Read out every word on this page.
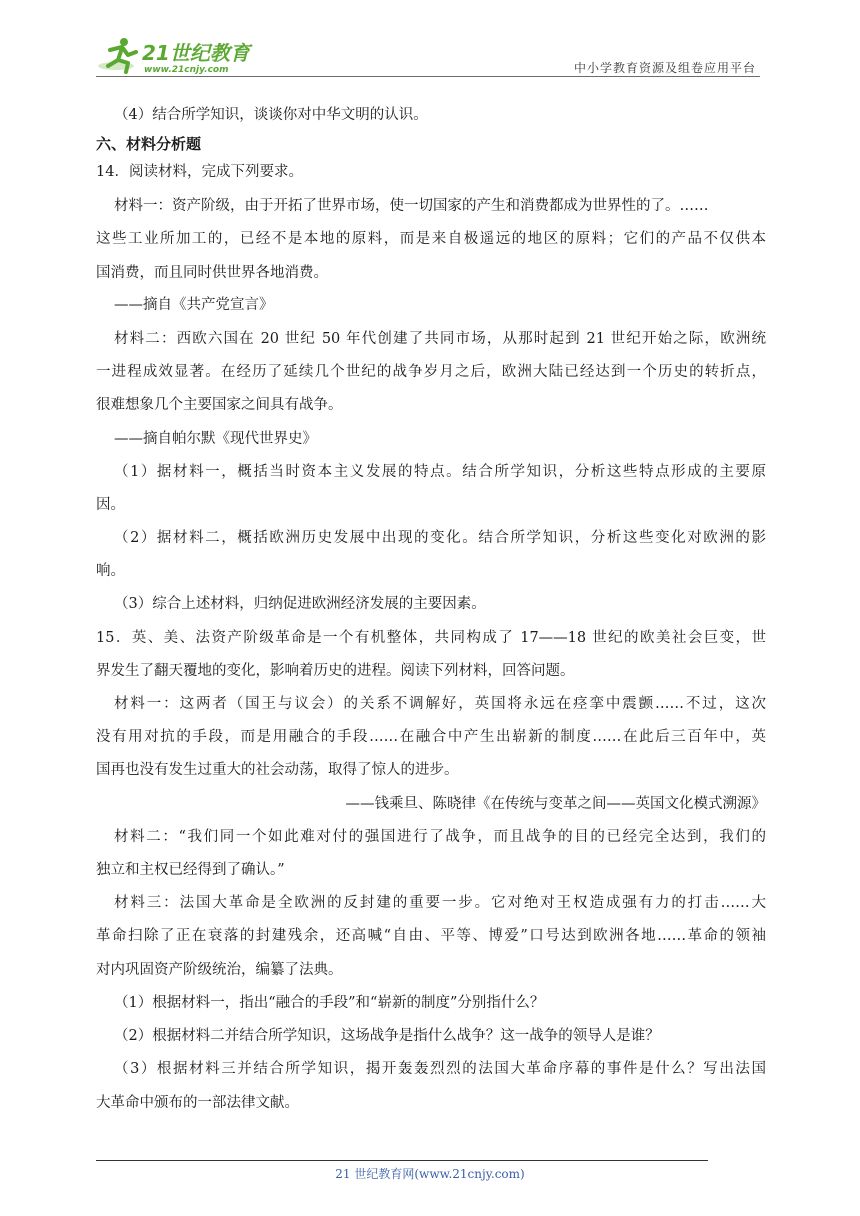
21世纪教育
www.21cnjy.com	中小学教育资源及组卷应用平台
（4）结合所学知识，谈谈你对中华文明的认识。
六、材料分析题
14．阅读材料，完成下列要求。
材料一：资产阶级，由于开拓了世界市场，使一切国家的产生和消费都成为世界性的了。……
这些工业所加工的，已经不是本地的原料，而是来自极遥远的地区的原料；它们的产品不仅供本
国消费，而且同时供世界各地消费。
——摘自《共产党宣言》
材料二：西欧六国在 20 世纪 50 年代创建了共同市场，从那时起到 21 世纪开始之际，欧洲统
一进程成效显著。在经历了延续几个世纪的战争岁月之后，欧洲大陆已经达到一个历史的转折点，
很难想象几个主要国家之间具有战争。
——摘自帕尔默《现代世界史》
（1）据材料一，概括当时资本主义发展的特点。结合所学知识，分析这些特点形成的主要原
因。
（2）据材料二，概括欧洲历史发展中出现的变化。结合所学知识，分析这些变化对欧洲的影
响。
（3）综合上述材料，归纳促进欧洲经济发展的主要因素。
15．英、美、法资产阶级革命是一个有机整体，共同构成了 17——18 世纪的欧美社会巨变，世
界发生了翻天覆地的变化，影响着历史的进程。阅读下列材料，回答问题。
材料一：这两者（国王与议会）的关系不调解好，英国将永远在痉挛中震颤……不过，这次
没有用对抗的手段，而是用融合的手段……在融合中产生出崭新的制度……在此后三百年中，英
国再也没有发生过重大的社会动荡，取得了惊人的进步。
——钱乘旦、陈晓律《在传统与变革之间——英国文化模式溯源》
材料二：“我们同一个如此难对付的强国进行了战争，而且战争的目的已经完全达到，我们的
独立和主权已经得到了确认。”
材料三：法国大革命是全欧洲的反封建的重要一步。它对绝对王权造成强有力的打击……大
革命扫除了正在衰落的封建残余，还高喊“自由、平等、博爱”口号达到欧洲各地……革命的领袖
对内巩固资产阶级统治，编纂了法典。
（1）根据材料一，指出“融合的手段”和“崭新的制度”分别指什么？
（2）根据材料二并结合所学知识，这场战争是指什么战争？这一战争的领导人是谁？
（3）根据材料三并结合所学知识，揭开轰轰烈烈的法国大革命序幕的事件是什么？写出法国
大革命中颁布的一部法律文献。
21 世纪教育网(www.21cnjy.com)
